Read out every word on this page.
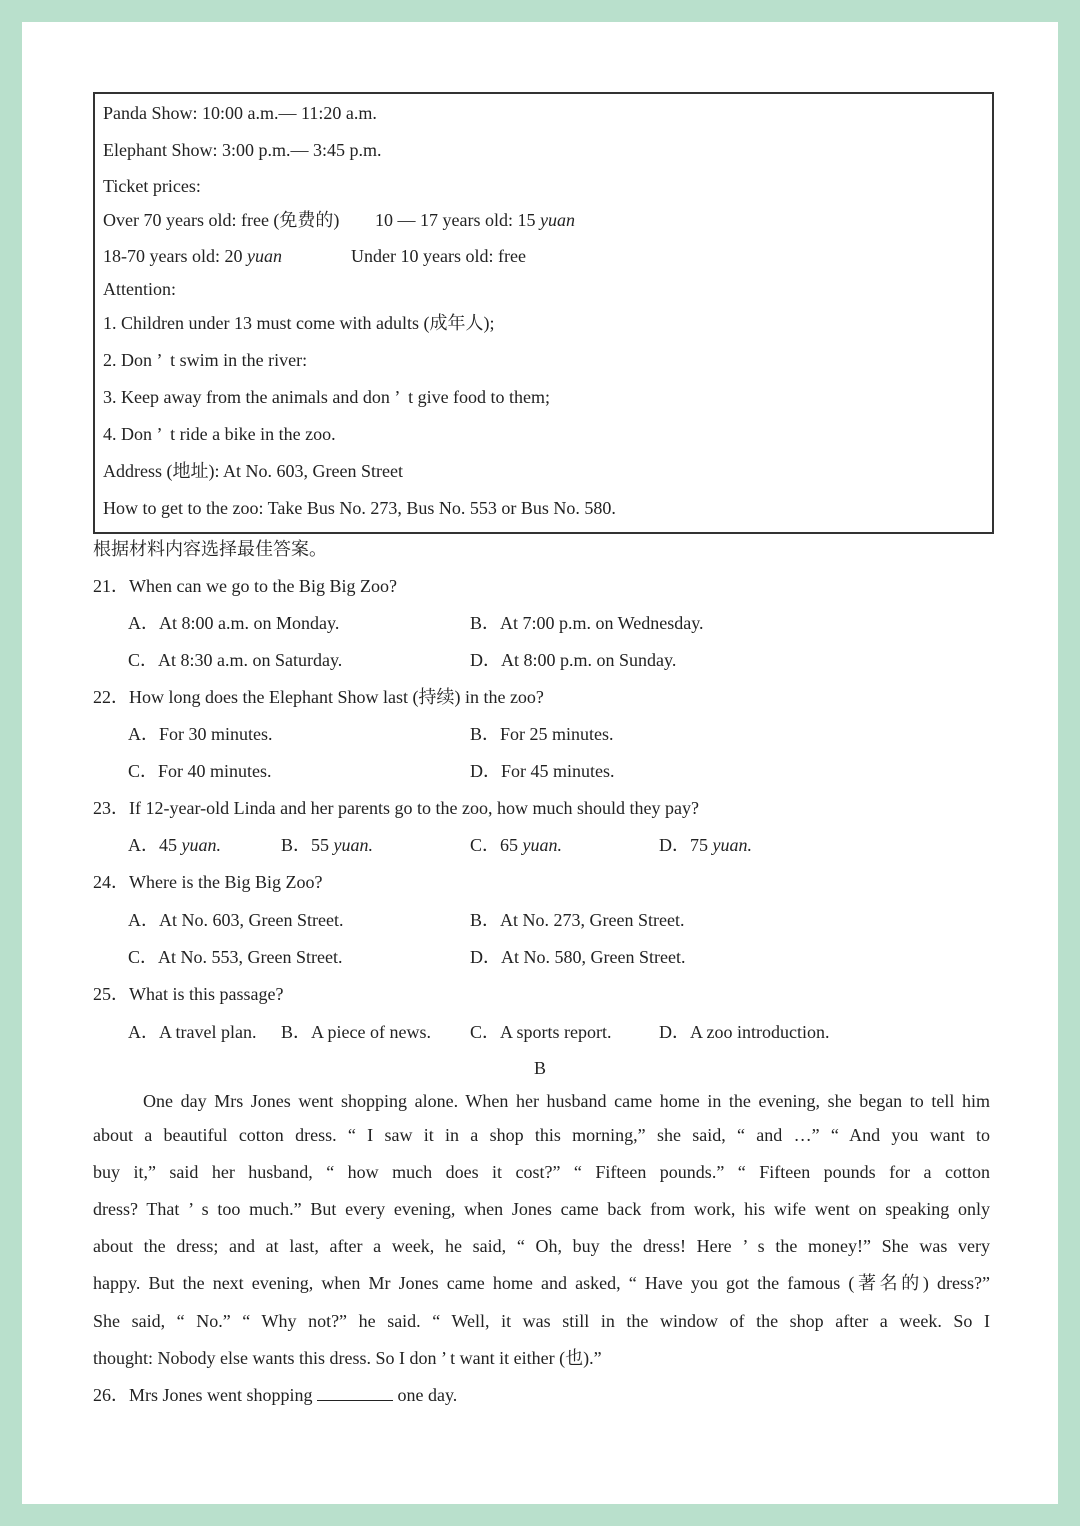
Panda Show: 10:00 a.m.— 11:20 a.m.
Elephant Show: 3:00 p.m.— 3:45 p.m.
Ticket prices:
Over 70 years old: free (免费的) 10 — 17 years old: 15 yuan
18-70 years old: 20 yuan	Under 10 years old: free
Attention:
1. Children under 13 must come with adults (成年人);
2. Don ’  t swim in the river:
3. Keep away from the animals and don ’  t give food to them;
4. Don ’  t ride a bike in the zoo.
Address (地址): At No. 603, Green Street
How to get to the zoo: Take Bus No. 273, Bus No. 553 or Bus No. 580.
根据材料内容选择最佳答案。
21．When can we go to the Big Big Zoo?
A．At 8:00 a.m. on Monday.	B．At 7:00 p.m. on Wednesday.
C．At 8:30 a.m. on Saturday.	D．At 8:00 p.m. on Sunday.
22．How long does the Elephant Show last (持续) in the zoo?
A．For 30 minutes.	B．For 25 minutes.
C．For 40 minutes.	D．For 45 minutes.
23．If 12-year-old Linda and her parents go to the zoo, how much should they pay?
A．45 yuan.	B．55 yuan.	C．65 yuan.	D．75 yuan.
24．Where is the Big Big Zoo?
A．At No. 603, Green Street.	B．At No. 273, Green Street.
C．At No. 553, Green Street.	D．At No. 580, Green Street.
25．What is this passage?
A．A travel plan. B．A piece of news. C．A sports report.	D．A zoo introduction.
B
One day Mrs Jones went shopping alone. When her husband came home in the evening, she began to tell him
about a beautiful cotton dress. “ I saw it in a shop this morning,” she said, “ and …” “ And you want to
buy it,” said her husband, “ how much does it cost?” “ Fifteen pounds.” “ Fifteen pounds for a cotton
dress? That ’ s too much.” But every evening, when Jones came back from work, his wife went on speaking only
about the dress; and at last, after a week, he said, “ Oh, buy the dress! Here ’ s the money!” She was very
happy. But the next evening, when Mr Jones came home and asked, “ Have you got the famous (著名的) dress?”
She said, “ No.” “ Why not?” he said. “ Well, it was still in the window of the shop after a week. So I
thought: Nobody else wants this dress. So I don ’ t want it either (也).”
26．Mrs Jones went shopping	one day.
